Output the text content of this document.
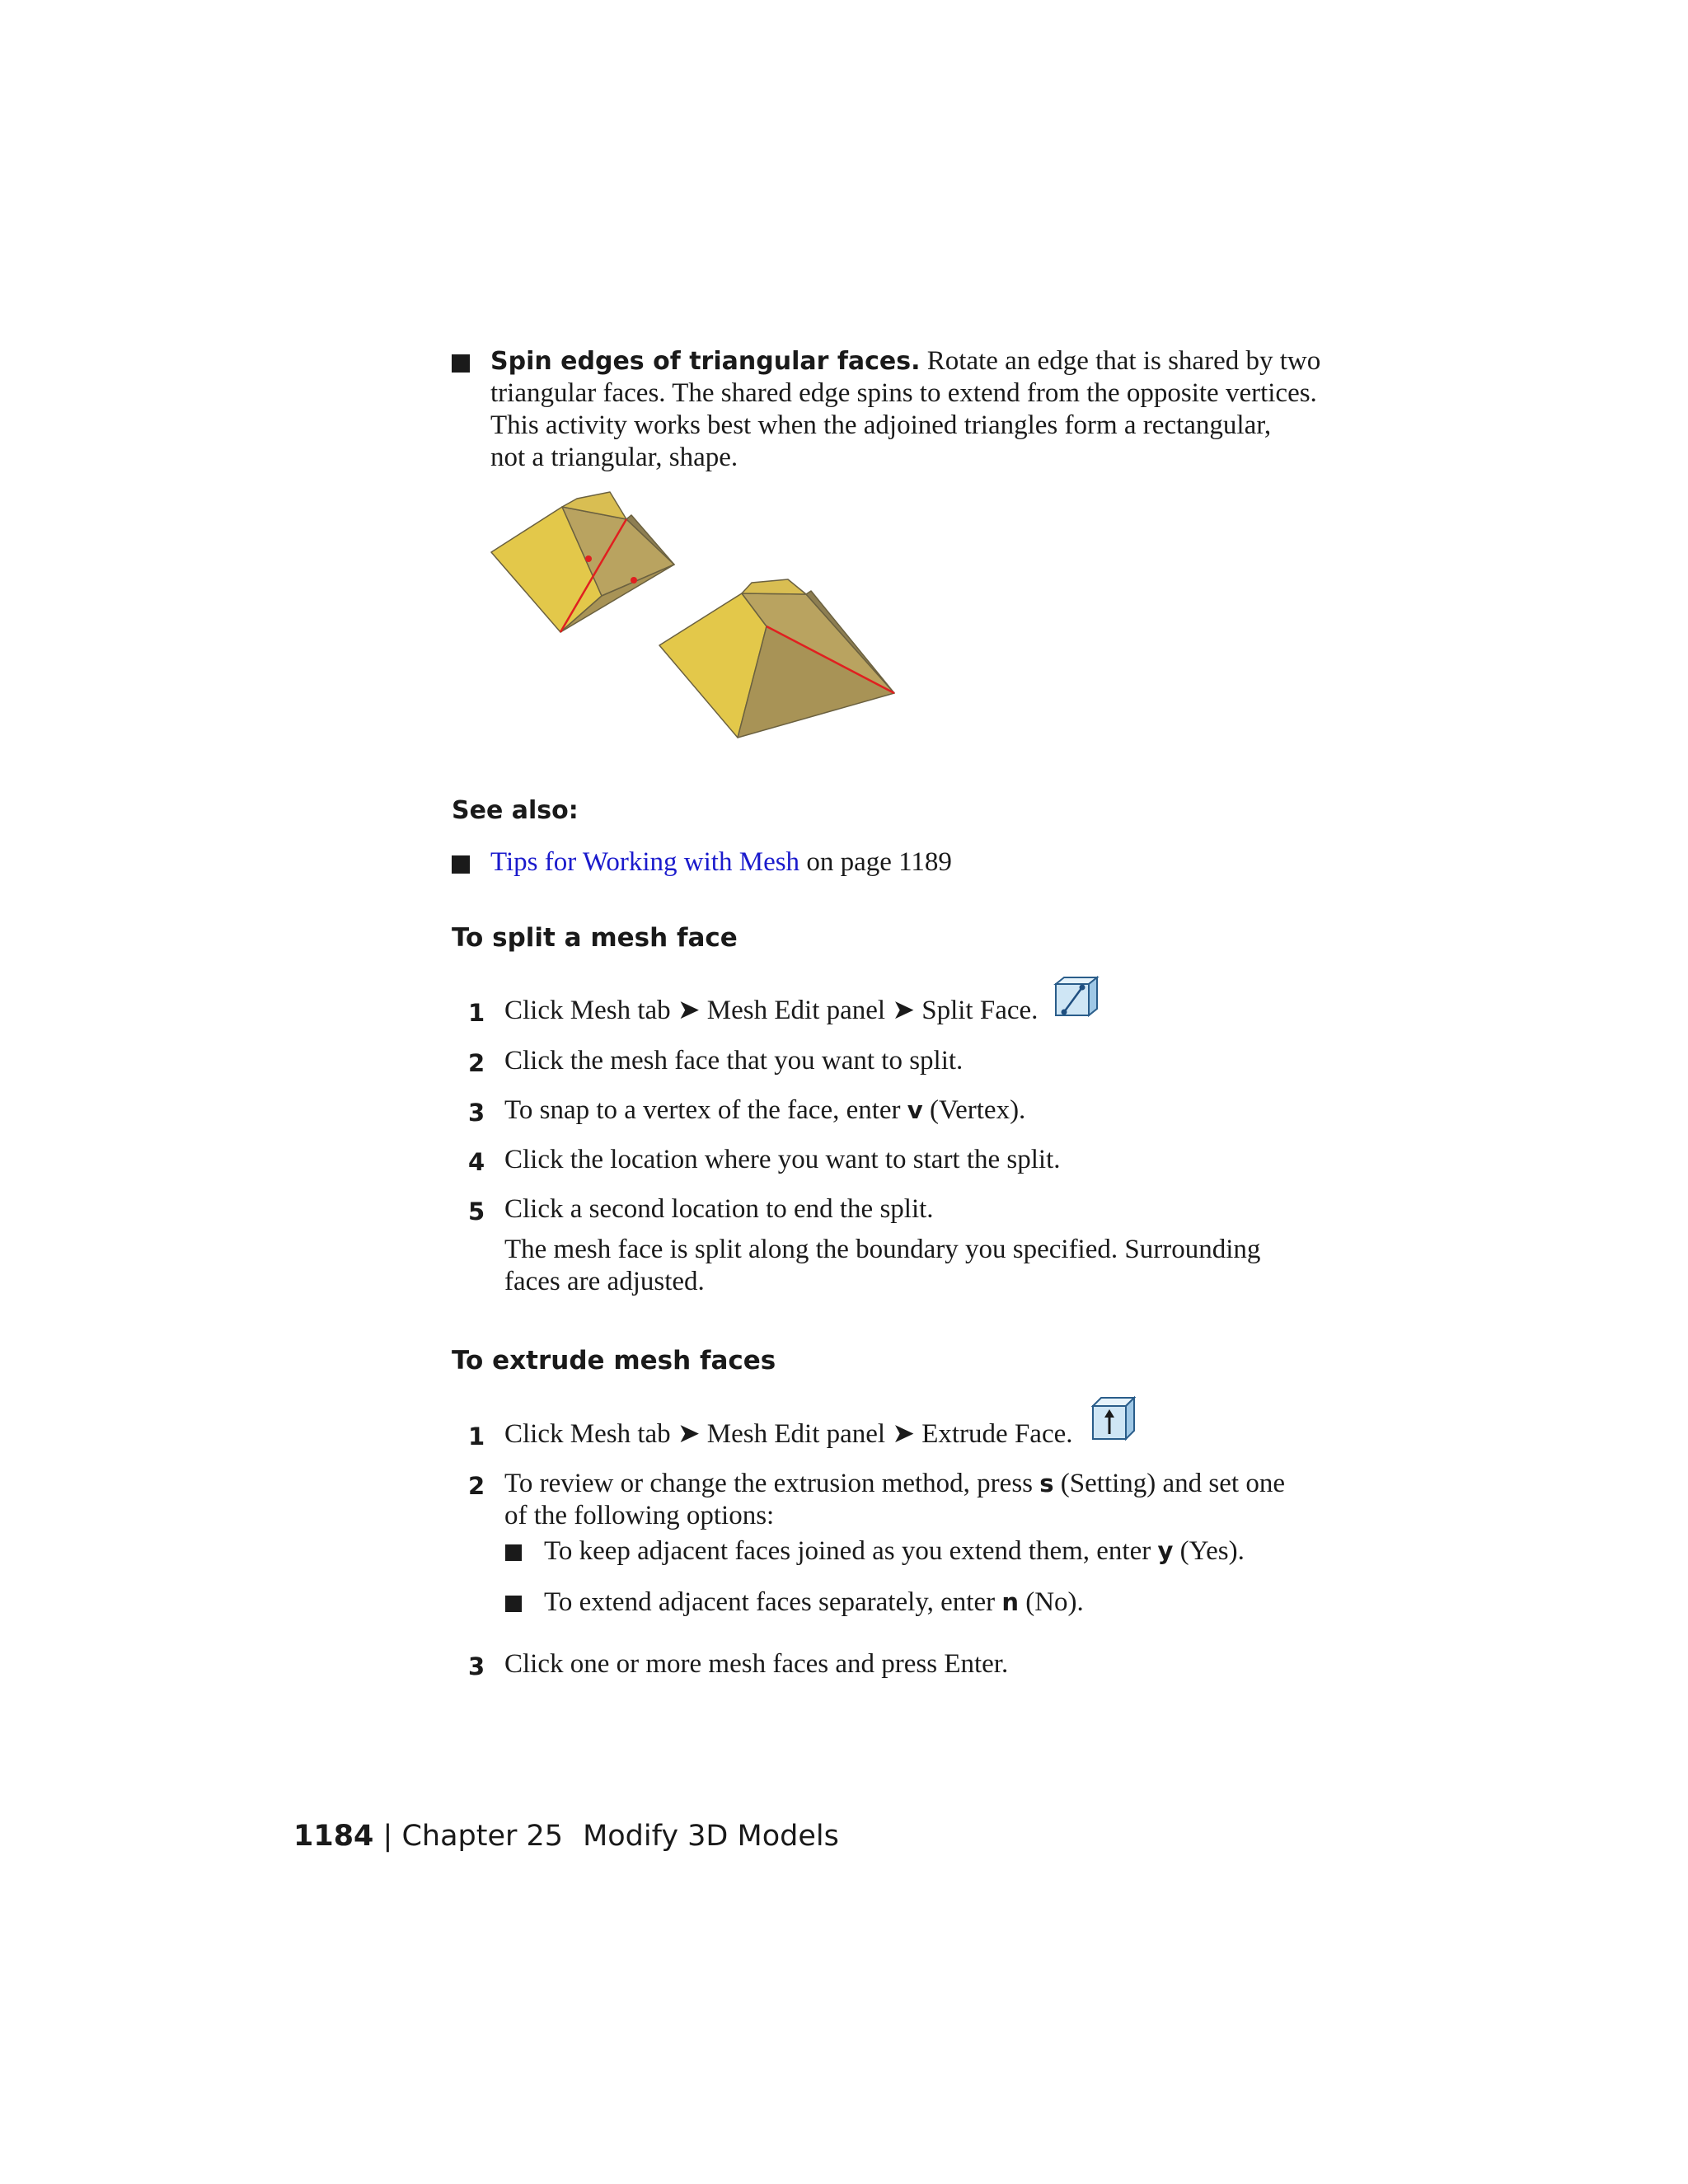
Spin edges of triangular faces. Rotate an edge that is shared by two
triangular faces. The shared edge spins to extend from the opposite vertices.
This activity works best when the adjoined triangles form a rectangular,
not a triangular, shape.
See also:
Tips for Working with Mesh on page 1189
To split a mesh face
1 Click Mesh tab ➤ Mesh Edit panel ➤ Split Face.
2 Click the mesh face that you want to split.
3 To snap to a vertex of the face, enter v (Vertex).
4 Click the location where you want to start the split.
5 Click a second location to end the split.
The mesh face is split along the boundary you specified. Surrounding
faces are adjusted.
To extrude mesh faces
1 Click Mesh tab ➤ Mesh Edit panel ➤ Extrude Face.
2 To review or change the extrusion method, press s (Setting) and set one
of the following options:
To keep adjacent faces joined as you extend them, enter y (Yes).
To extend adjacent faces separately, enter n (No).
3 Click one or more mesh faces and press Enter.
1184 | Chapter 25 Modify 3D Models
